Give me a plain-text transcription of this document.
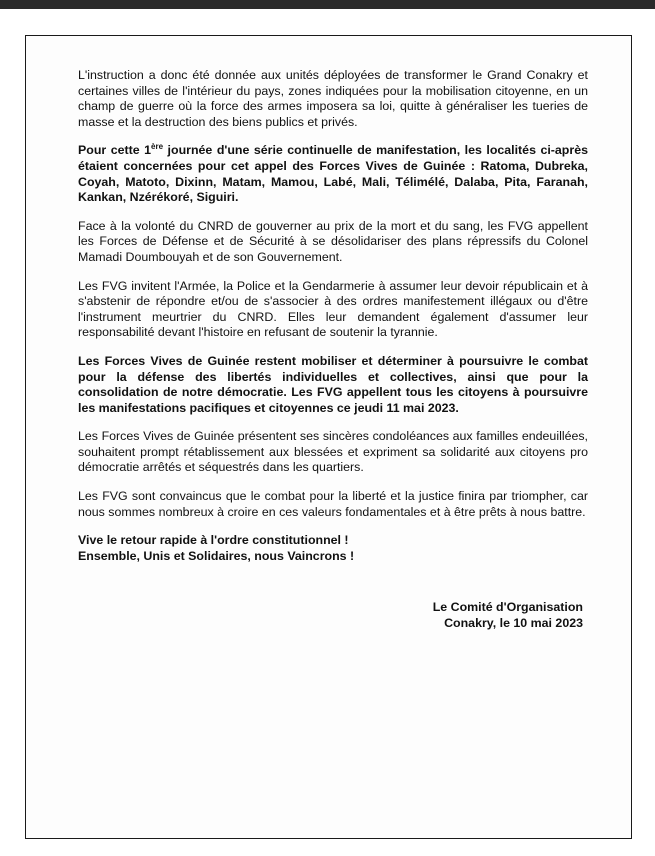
L'instruction a donc été donnée aux unités déployées de transformer le Grand Conakry et certaines villes de l'intérieur du pays, zones indiquées pour la mobilisation citoyenne, en un champ de guerre où la force des armes imposera sa loi, quitte à généraliser les tueries de masse et la destruction des biens publics et privés.

Pour cette 1ère journée d'une série continuelle de manifestation, les localités ci-après étaient concernées pour cet appel des Forces Vives de Guinée : Ratoma, Dubreka, Coyah, Matoto, Dixinn, Matam, Mamou, Labé, Mali, Télimélé, Dalaba, Pita, Faranah, Kankan, Nzérékoré, Siguiri.

Face à la volonté du CNRD de gouverner au prix de la mort et du sang, les FVG appellent les Forces de Défense et de Sécurité à se désolidariser des plans répressifs du Colonel Mamadi Doumbouyah et de son Gouvernement.

Les FVG invitent l'Armée, la Police et la Gendarmerie à assumer leur devoir républicain et à s'abstenir de répondre et/ou de s'associer à des ordres manifestement illégaux ou d'être l'instrument meurtrier du CNRD. Elles leur demandent également d'assumer leur responsabilité devant l'histoire en refusant de soutenir la tyrannie.

Les Forces Vives de Guinée restent mobiliser et déterminer à poursuivre le combat pour la défense des libertés individuelles et collectives, ainsi que pour la consolidation de notre démocratie. Les FVG appellent tous les citoyens à poursuivre les manifestations pacifiques et citoyennes ce jeudi 11 mai 2023.

Les Forces Vives de Guinée présentent ses sincères condoléances aux familles endeuillées, souhaitent prompt rétablissement aux blessées et expriment sa solidarité aux citoyens pro démocratie arrêtés et séquestrés dans les quartiers.

Les FVG sont convaincus que le combat pour la liberté et la justice finira par triompher, car nous sommes nombreux à croire en ces valeurs fondamentales et à être prêts à nous battre.

Vive le retour rapide à l'ordre constitutionnel !

Ensemble, Unis et Solidaires, nous Vaincrons !

Le Comité d'Organisation
Conakry, le 10 mai 2023
